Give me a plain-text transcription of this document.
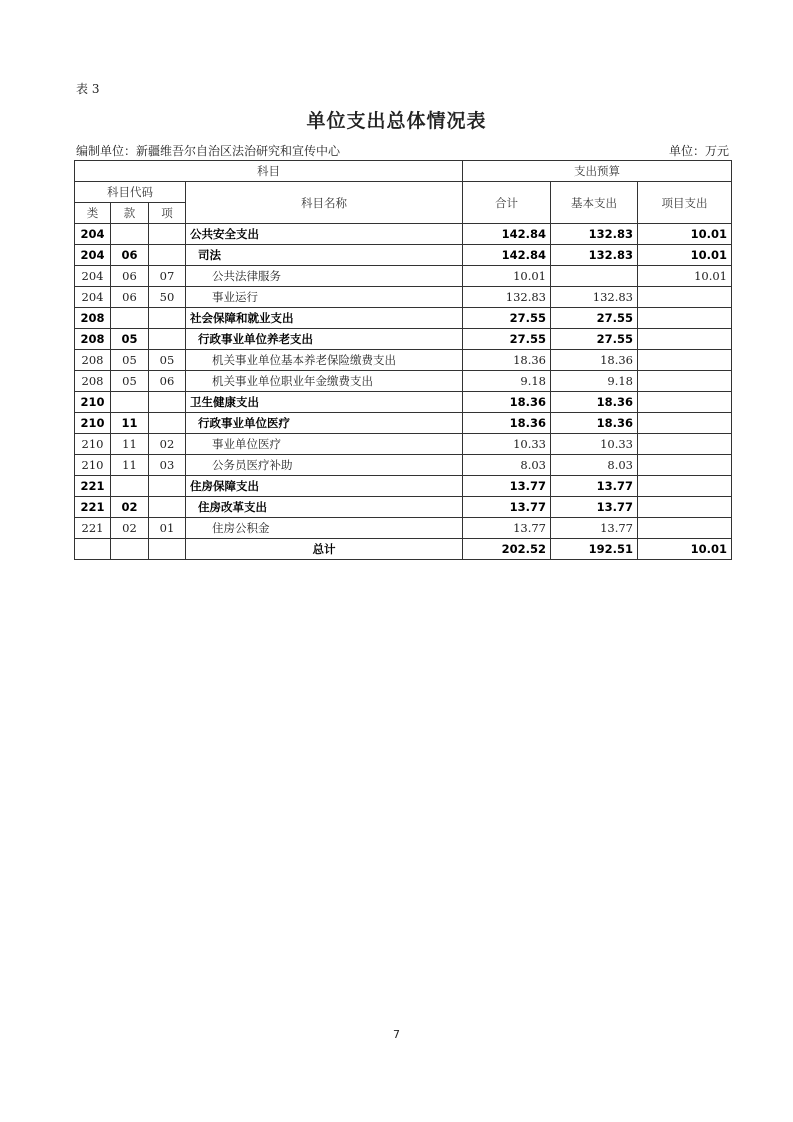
表 3
单位支出总体情况表
编制单位：新疆维吾尔自治区法治研究和宣传中心	单位：万元
科目				支出预算		
科目代码			科目名称	合计	基本支出	项目支出
类	款	项				
204			公共安全支出	142.84	132.83	10.01
204	06		司法	142.84	132.83	10.01
204	06	07	公共法律服务	10.01		10.01
204	06	50	事业运行	132.83	132.83	
208			社会保障和就业支出	27.55	27.55	
208	05		行政事业单位养老支出	27.55	27.55	
208	05	05	机关事业单位基本养老保险缴费支出	18.36	18.36	
208	05	06	机关事业单位职业年金缴费支出	9.18	9.18	
210			卫生健康支出	18.36	18.36	
210	11		行政事业单位医疗	18.36	18.36	
210	11	02	事业单位医疗	10.33	10.33	
210	11	03	公务员医疗补助	8.03	8.03	
221			住房保障支出	13.77	13.77	
221	02		住房改革支出	13.77	13.77	
221	02	01	住房公积金	13.77	13.77	
			总计	202.52	192.51	10.01
7
